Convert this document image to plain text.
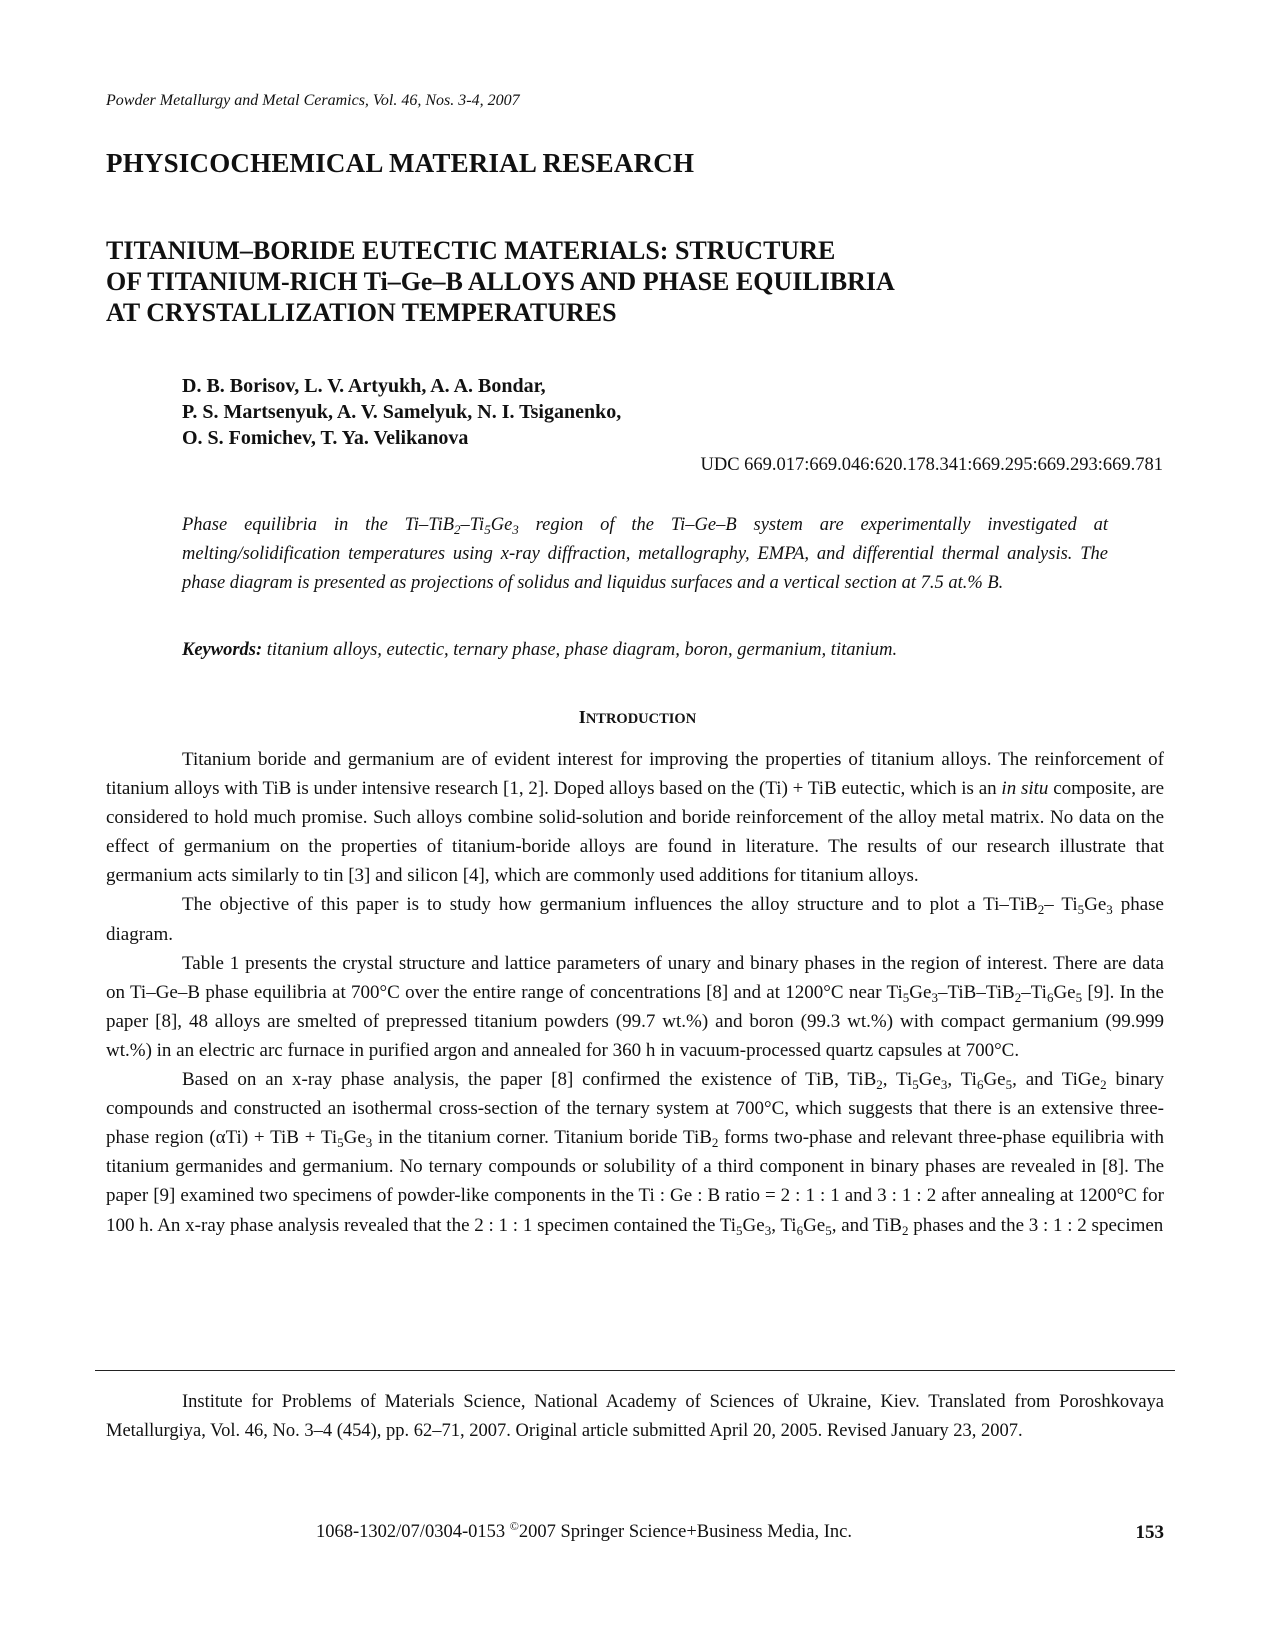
Powder Metallurgy and Metal Ceramics, Vol. 46, Nos. 3-4, 2007
PHYSICOCHEMICAL MATERIAL RESEARCH
TITANIUM–BORIDE EUTECTIC MATERIALS: STRUCTURE
OF TITANIUM-RICH Ti–Ge–B ALLOYS AND PHASE EQUILIBRIA
AT CRYSTALLIZATION TEMPERATURES
D. B. Borisov, L. V. Artyukh, A. A. Bondar,
P. S. Martsenyuk, A. V. Samelyuk, N. I. Tsiganenko,
O. S. Fomichev, T. Ya. Velikanova
UDC 669.017:669.046:620.178.341:669.295:669.293:669.781
Phase equilibria in the $Ti-TiB_2-Ti_5Ge_3$ region of the Ti–Ge–B system are experimentally investigated at melting/solidification temperatures using x-ray diffraction, metallography, EMPA, and differential thermal analysis. The phase diagram is presented as projections of solidus and liquidus surfaces and a vertical section at 7.5 at.% B.
Keywords: titanium alloys, eutectic, ternary phase, phase diagram, boron, germanium, titanium.
INTRODUCTION

Titanium boride and germanium are of evident interest for improving the properties of titanium alloys. The reinforcement of titanium alloys with TiB is under intensive research [1, 2]. Doped alloys based on the (Ti) + TiB eutectic, which is an in situ composite, are considered to hold much promise. Such alloys combine solid-solution and boride reinforcement of the alloy metal matrix. No data on the effect of germanium on the properties of titanium-boride alloys are found in literature. The results of our research illustrate that germanium acts similarly to tin [3] and silicon [4], which are commonly used additions for titanium alloys.

The objective of this paper is to study how germanium influences the alloy structure and to plot a Ti–TiB$_2$– $Ti_5Ge_3$ phase diagram.

Table 1 presents the crystal structure and lattice parameters of unary and binary phases in the region of interest. There are data on Ti–Ge–B phase equilibria at 700°C over the entire range of concentrations [8] and at 1200°C near $Ti_5Ge_3-TiB-TiB_2-Ti_6Ge_5$ [9]. In the paper [8], 48 alloys are smelted of prepressed titanium powders (99.7 wt.%) and boron (99.3 wt.%) with compact germanium (99.999 wt.%) in an electric arc furnace in purified argon and annealed for 360 h in vacuum-processed quartz capsules at 700°C.

Based on an x-ray phase analysis, the paper [8] confirmed the existence of TiB, TiB$_2$, $Ti_5Ge_3$, $Ti_6Ge_5$, and TiGe$_2$ binary compounds and constructed an isothermal cross-section of the ternary system at 700°C, which suggests that there is an extensive three-phase region (αTi) + TiB + $Ti_5Ge_3$ in the titanium corner. Titanium boride TiB$_2$ forms two-phase and relevant three-phase equilibria with titanium germanides and germanium. No ternary compounds or solubility of a third component in binary phases are revealed in [8]. The paper [9] examined two specimens of powder-like components in the Ti : Ge : B ratio = 2 : 1 : 1 and 3 : 1 : 2 after annealing at 1200°C for 100 h. An x-ray phase analysis revealed that the 2 : 1 : 1 specimen contained the $Ti_5Ge_3$, $Ti_6Ge_5$, and TiB$_2$ phases and the 3 : 1 : 2 specimen

Institute for Problems of Materials Science, National Academy of Sciences of Ukraine, Kiev. Translated from Poroshkovaya Metallurgiya, Vol. 46, No. 3–4 (454), pp. 62–71, 2007. Original article submitted April 20, 2005. Revised January 23, 2007.

1068-1302/07/0304-0153 ©2007 Springer Science+Business Media, Inc.	153
